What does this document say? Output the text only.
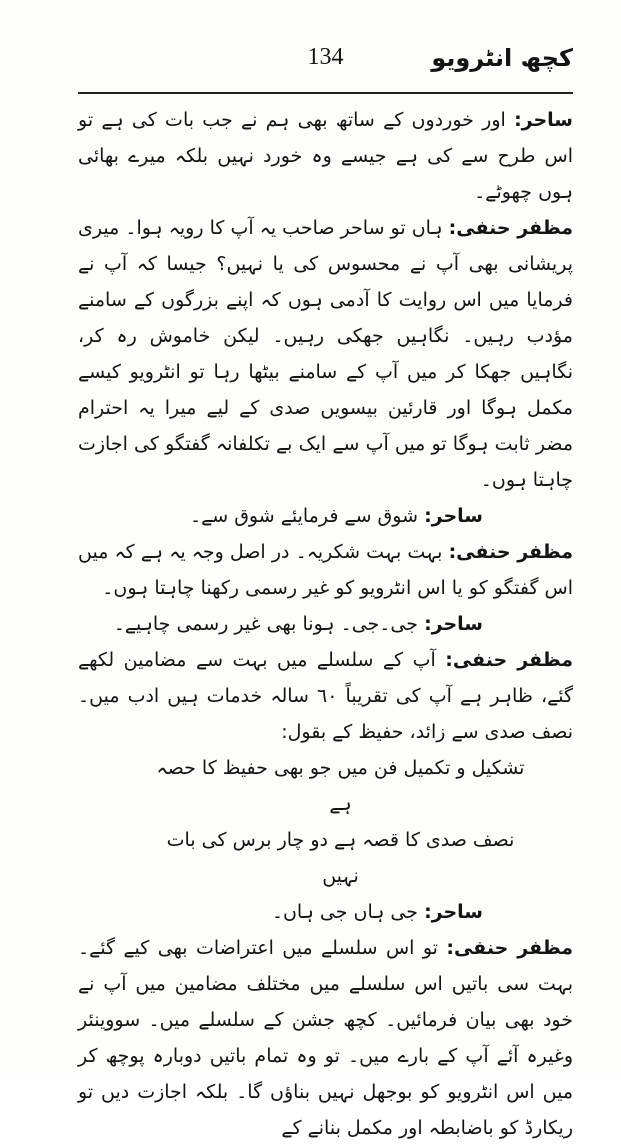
کچھ انٹرویو
134

ساحر: اور خوردوں کے ساتھ بھی ہم نے جب بات کی ہے تو اس طرح سے کی ہے جیسے وہ خورد نہیں بلکہ میرے بھائی ہوں چھوٹے۔

مظفر حنفی: ہاں تو ساحر صاحب یہ آپ کا رویہ ہوا۔ میری پریشانی بھی آپ نے محسوس کی یا نہیں؟ جیسا کہ آپ نے فرمایا میں اس روایت کا آدمی ہوں کہ اپنے بزرگوں کے سامنے مؤدب رہیں۔ نگاہیں جھکی رہیں۔ لیکن خاموش رہ کر، نگاہیں جھکا کر میں آپ کے سامنے بیٹھا رہا تو انٹرویو کیسے مکمل ہوگا اور قارئین بیسویں صدی کے لیے میرا یہ احترام مضر ثابت ہوگا تو میں آپ سے ایک بے تکلفانہ گفتگو کی اجازت چاہتا ہوں۔

ساحر: شوق سے فرمایئے شوق سے۔

مظفر حنفی: بہت بہت شکریہ۔ در اصل وجہ یہ ہے کہ میں اس گفتگو کو یا اس انٹرویو کو غیر رسمی رکھنا چاہتا ہوں۔

ساحر: جی۔جی۔ ہونا بھی غیر رسمی چاہیے۔

مظفر حنفی: آپ کے سلسلے میں بہت سے مضامین لکھے گئے، ظاہر ہے آپ کی تقریباً ٦٠ سالہ خدمات ہیں ادب میں۔ نصف صدی سے زائد، حفیظ کے بقول:

تشکیل و تکمیل فن میں جو بھی حفیظ کا حصہ ہے
نصف صدی کا قصہ ہے دو چار برس کی بات نہیں

ساحر: جی ہاں جی ہاں۔

مظفر حنفی: تو اس سلسلے میں اعتراضات بھی کیے گئے۔ بہت سی باتیں اس سلسلے میں مختلف مضامین میں آپ نے خود بھی بیان فرمائیں۔ کچھ جشن کے سلسلے میں۔ سووینئر وغیرہ آئے آپ کے بارے میں۔ تو وہ تمام باتیں دوبارہ پوچھ کر میں اس انٹرویو کو بوجھل نہیں بناؤں گا۔ بلکہ اجازت دیں تو ریکارڈ کو باضابطہ اور مکمل بنانے کے
